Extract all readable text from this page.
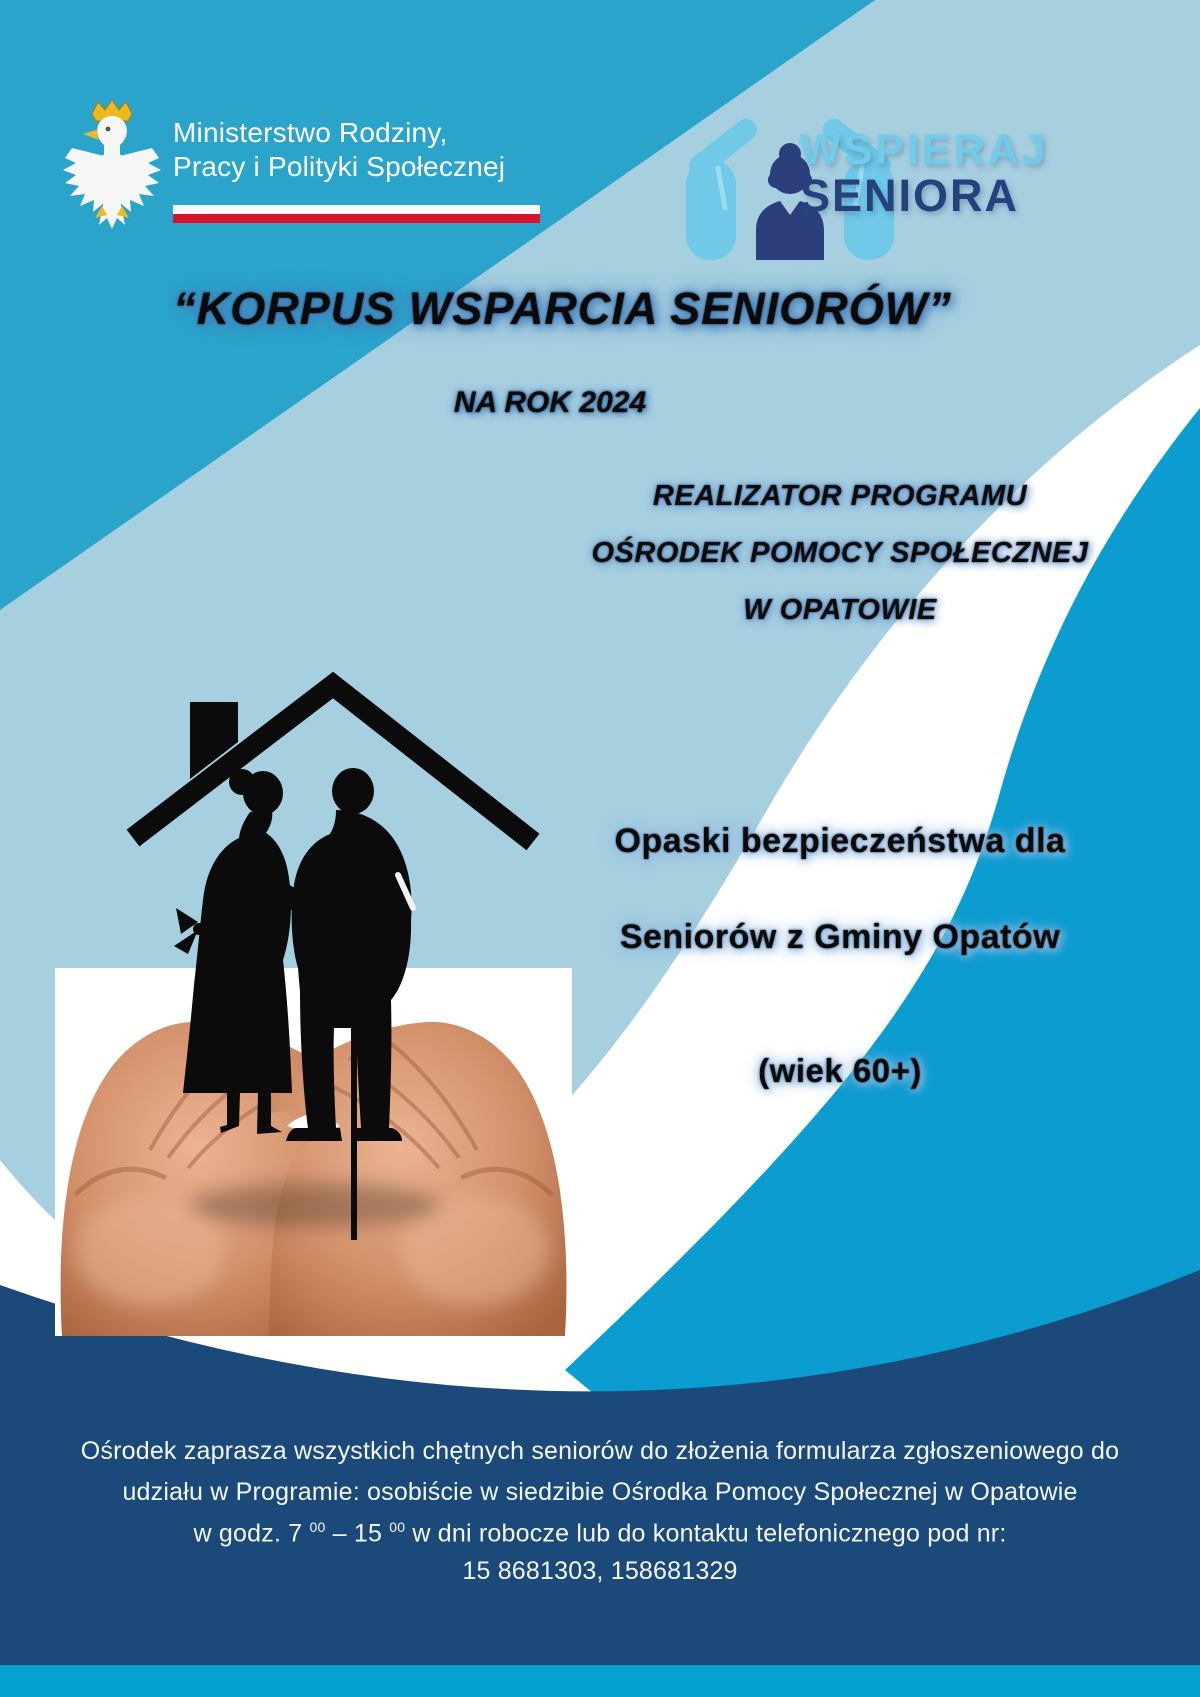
Ministerstwo Rodziny,
Pracy i Polityki Społecznej	WSPIERAJ
SENIORA
“KORPUS WSPARCIA SENIORÓW”
NA ROK 2024
REALIZATOR PROGRAMU
OŚRODEK POMOCY SPOŁECZNEJ
W OPATOWIE
Opaski bezpieczeństwa dla
Seniorów z Gminy Opatów
(wiek 60+)
Ośrodek zaprasza wszystkich chętnych seniorów do złożenia formularza zgłoszeniowego do
udziału w Programie: osobiście w siedzibie Ośrodka Pomocy Społecznej w Opatowie
w godz. 7 $^{00}$ – 15 $^{00}$ w dni robocze lub do kontaktu telefonicznego pod nr:
15 8681303, 158681329
